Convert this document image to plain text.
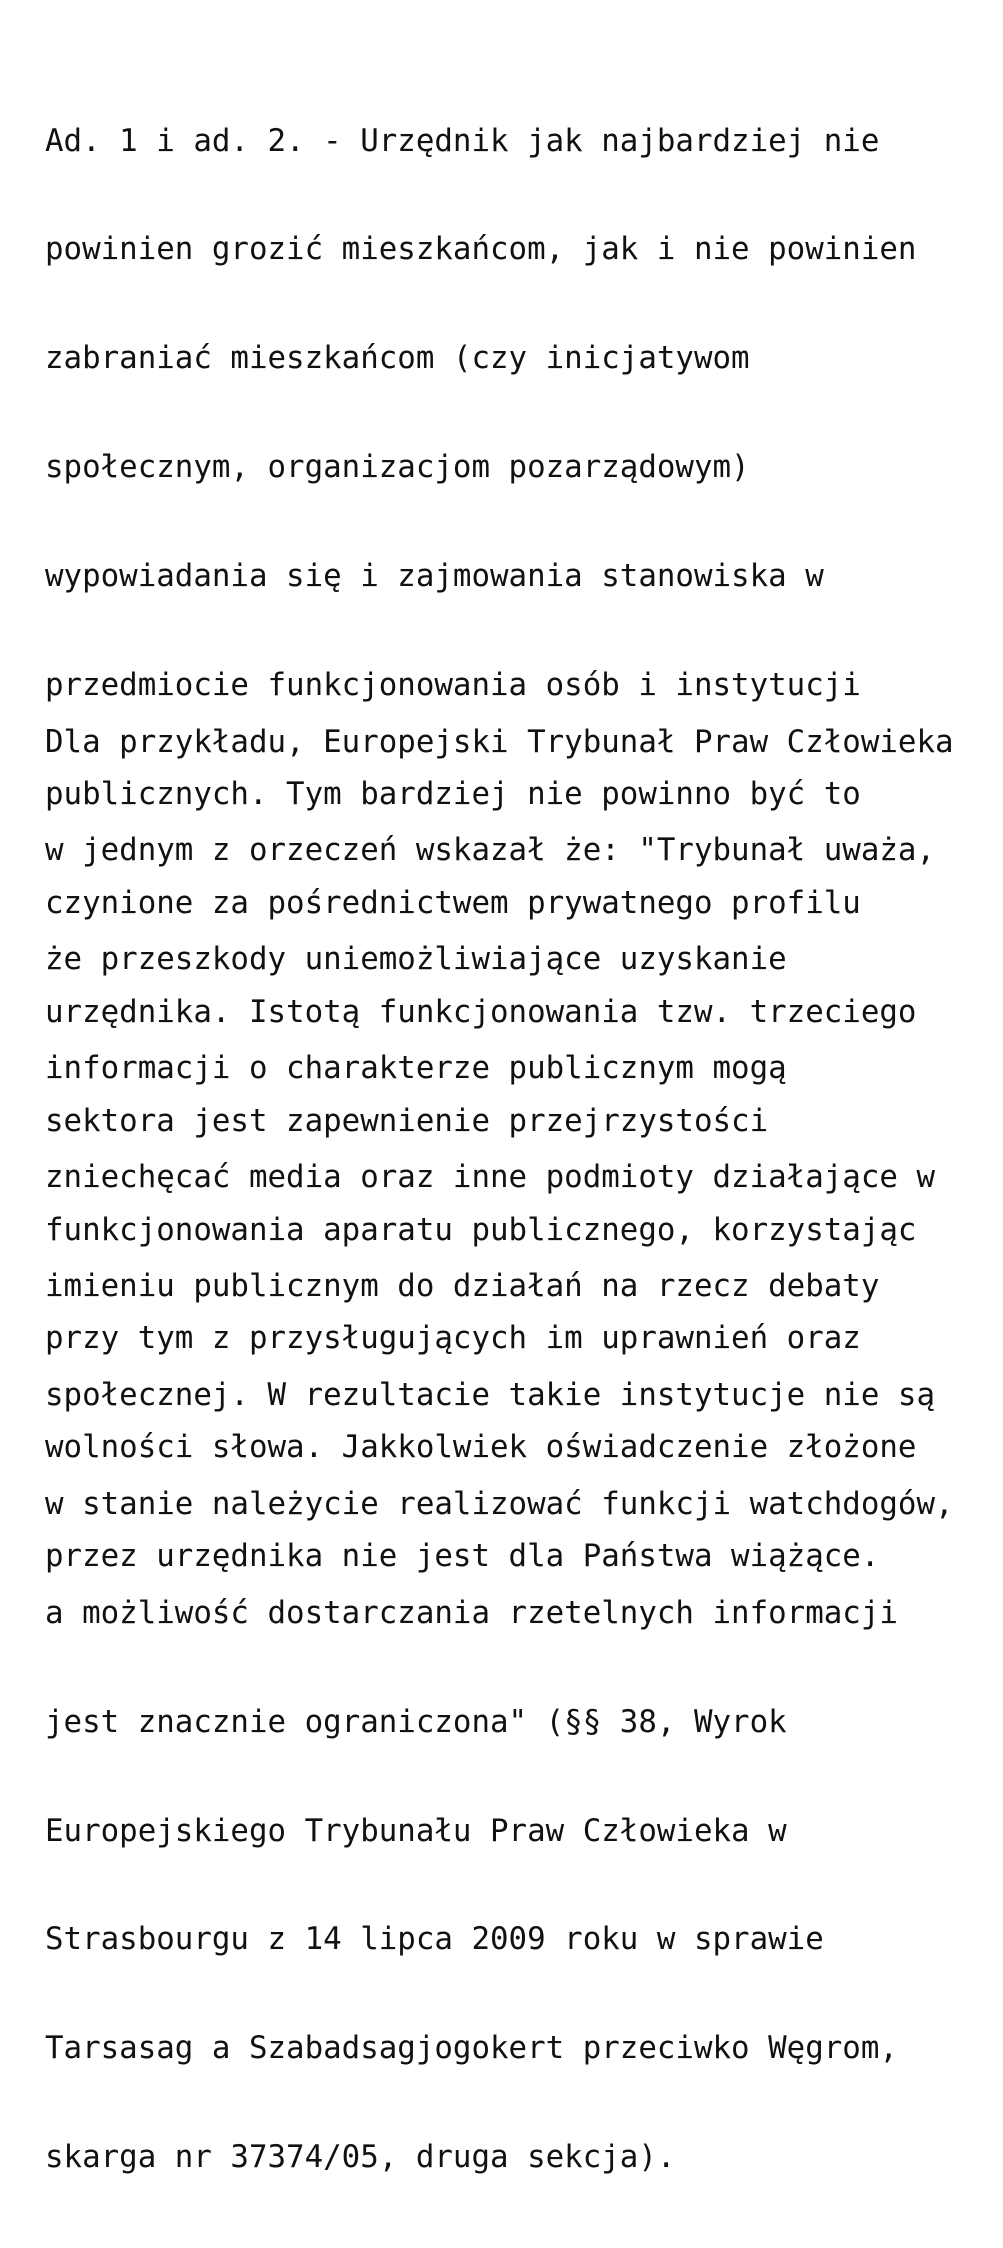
Ad. 1 i ad. 2. - Urzędnik jak najbardziej nie

powinien grozić mieszkańcom, jak i nie powinien

zabraniać mieszkańcom (czy inicjatywom

społecznym, organizacjom pozarządowym)

wypowiadania się i zajmowania stanowiska w

przedmiocie funkcjonowania osób i instytucji

publicznych. Tym bardziej nie powinno być to

czynione za pośrednictwem prywatnego profilu

urzędnika. Istotą funkcjonowania tzw. trzeciego

sektora jest zapewnienie przejrzystości

funkcjonowania aparatu publicznego, korzystając

przy tym z przysługujących im uprawnień oraz

wolności słowa. Jakkolwiek oświadczenie złożone

przez urzędnika nie jest dla Państwa wiążące.

Dla przykładu, Europejski Trybunał Praw Człowieka

w jednym z orzeczeń wskazał że: "Trybunał uważa,

że przeszkody uniemożliwiające uzyskanie

informacji o charakterze publicznym mogą

zniechęcać media oraz inne podmioty działające w

imieniu publicznym do działań na rzecz debaty

społecznej. W rezultacie takie instytucje nie są

w stanie należycie realizować funkcji watchdogów,

a możliwość dostarczania rzetelnych informacji

jest znacznie ograniczona" (§§ 38, Wyrok

Europejskiego Trybunału Praw Człowieka w

Strasbourgu z 14 lipca 2009 roku w sprawie

Tarsasag a Szabadsagjogokert przeciwko Węgrom,

skarga nr 37374/05, druga sekcja).
